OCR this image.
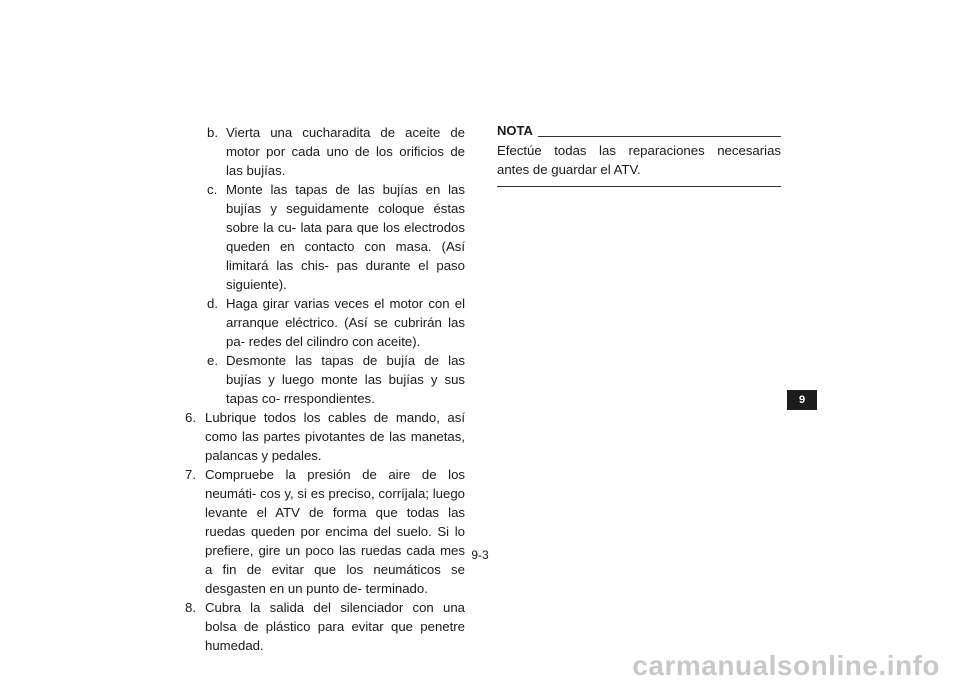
b. Vierta una cucharadita de aceite de motor por cada uno de los orificios de las bujías.
c. Monte las tapas de las bujías en las bujías y seguidamente coloque éstas sobre la cu- lata para que los electrodos queden en contacto con masa. (Así limitará las chis- pas durante el paso siguiente).
d. Haga girar varias veces el motor con el arranque eléctrico. (Así se cubrirán las pa- redes del cilindro con aceite).
e. Desmonte las tapas de bujía de las bujías y luego monte las bujías y sus tapas co- rrespondientes.
6. Lubrique todos los cables de mando, así como las partes pivotantes de las manetas, palancas y pedales.
7. Compruebe la presión de aire de los neumáti- cos y, si es preciso, corríjala; luego levante el ATV de forma que todas las ruedas queden por encima del suelo. Si lo prefiere, gire un poco las ruedas cada mes a fin de evitar que los neumáticos se desgasten en un punto de- terminado.
8. Cubra la salida del silenciador con una bolsa de plástico para evitar que penetre humedad.
NOTA
Efectúe todas las reparaciones necesarias antes de guardar el ATV.
9
9-3
carmanualsonline.info
